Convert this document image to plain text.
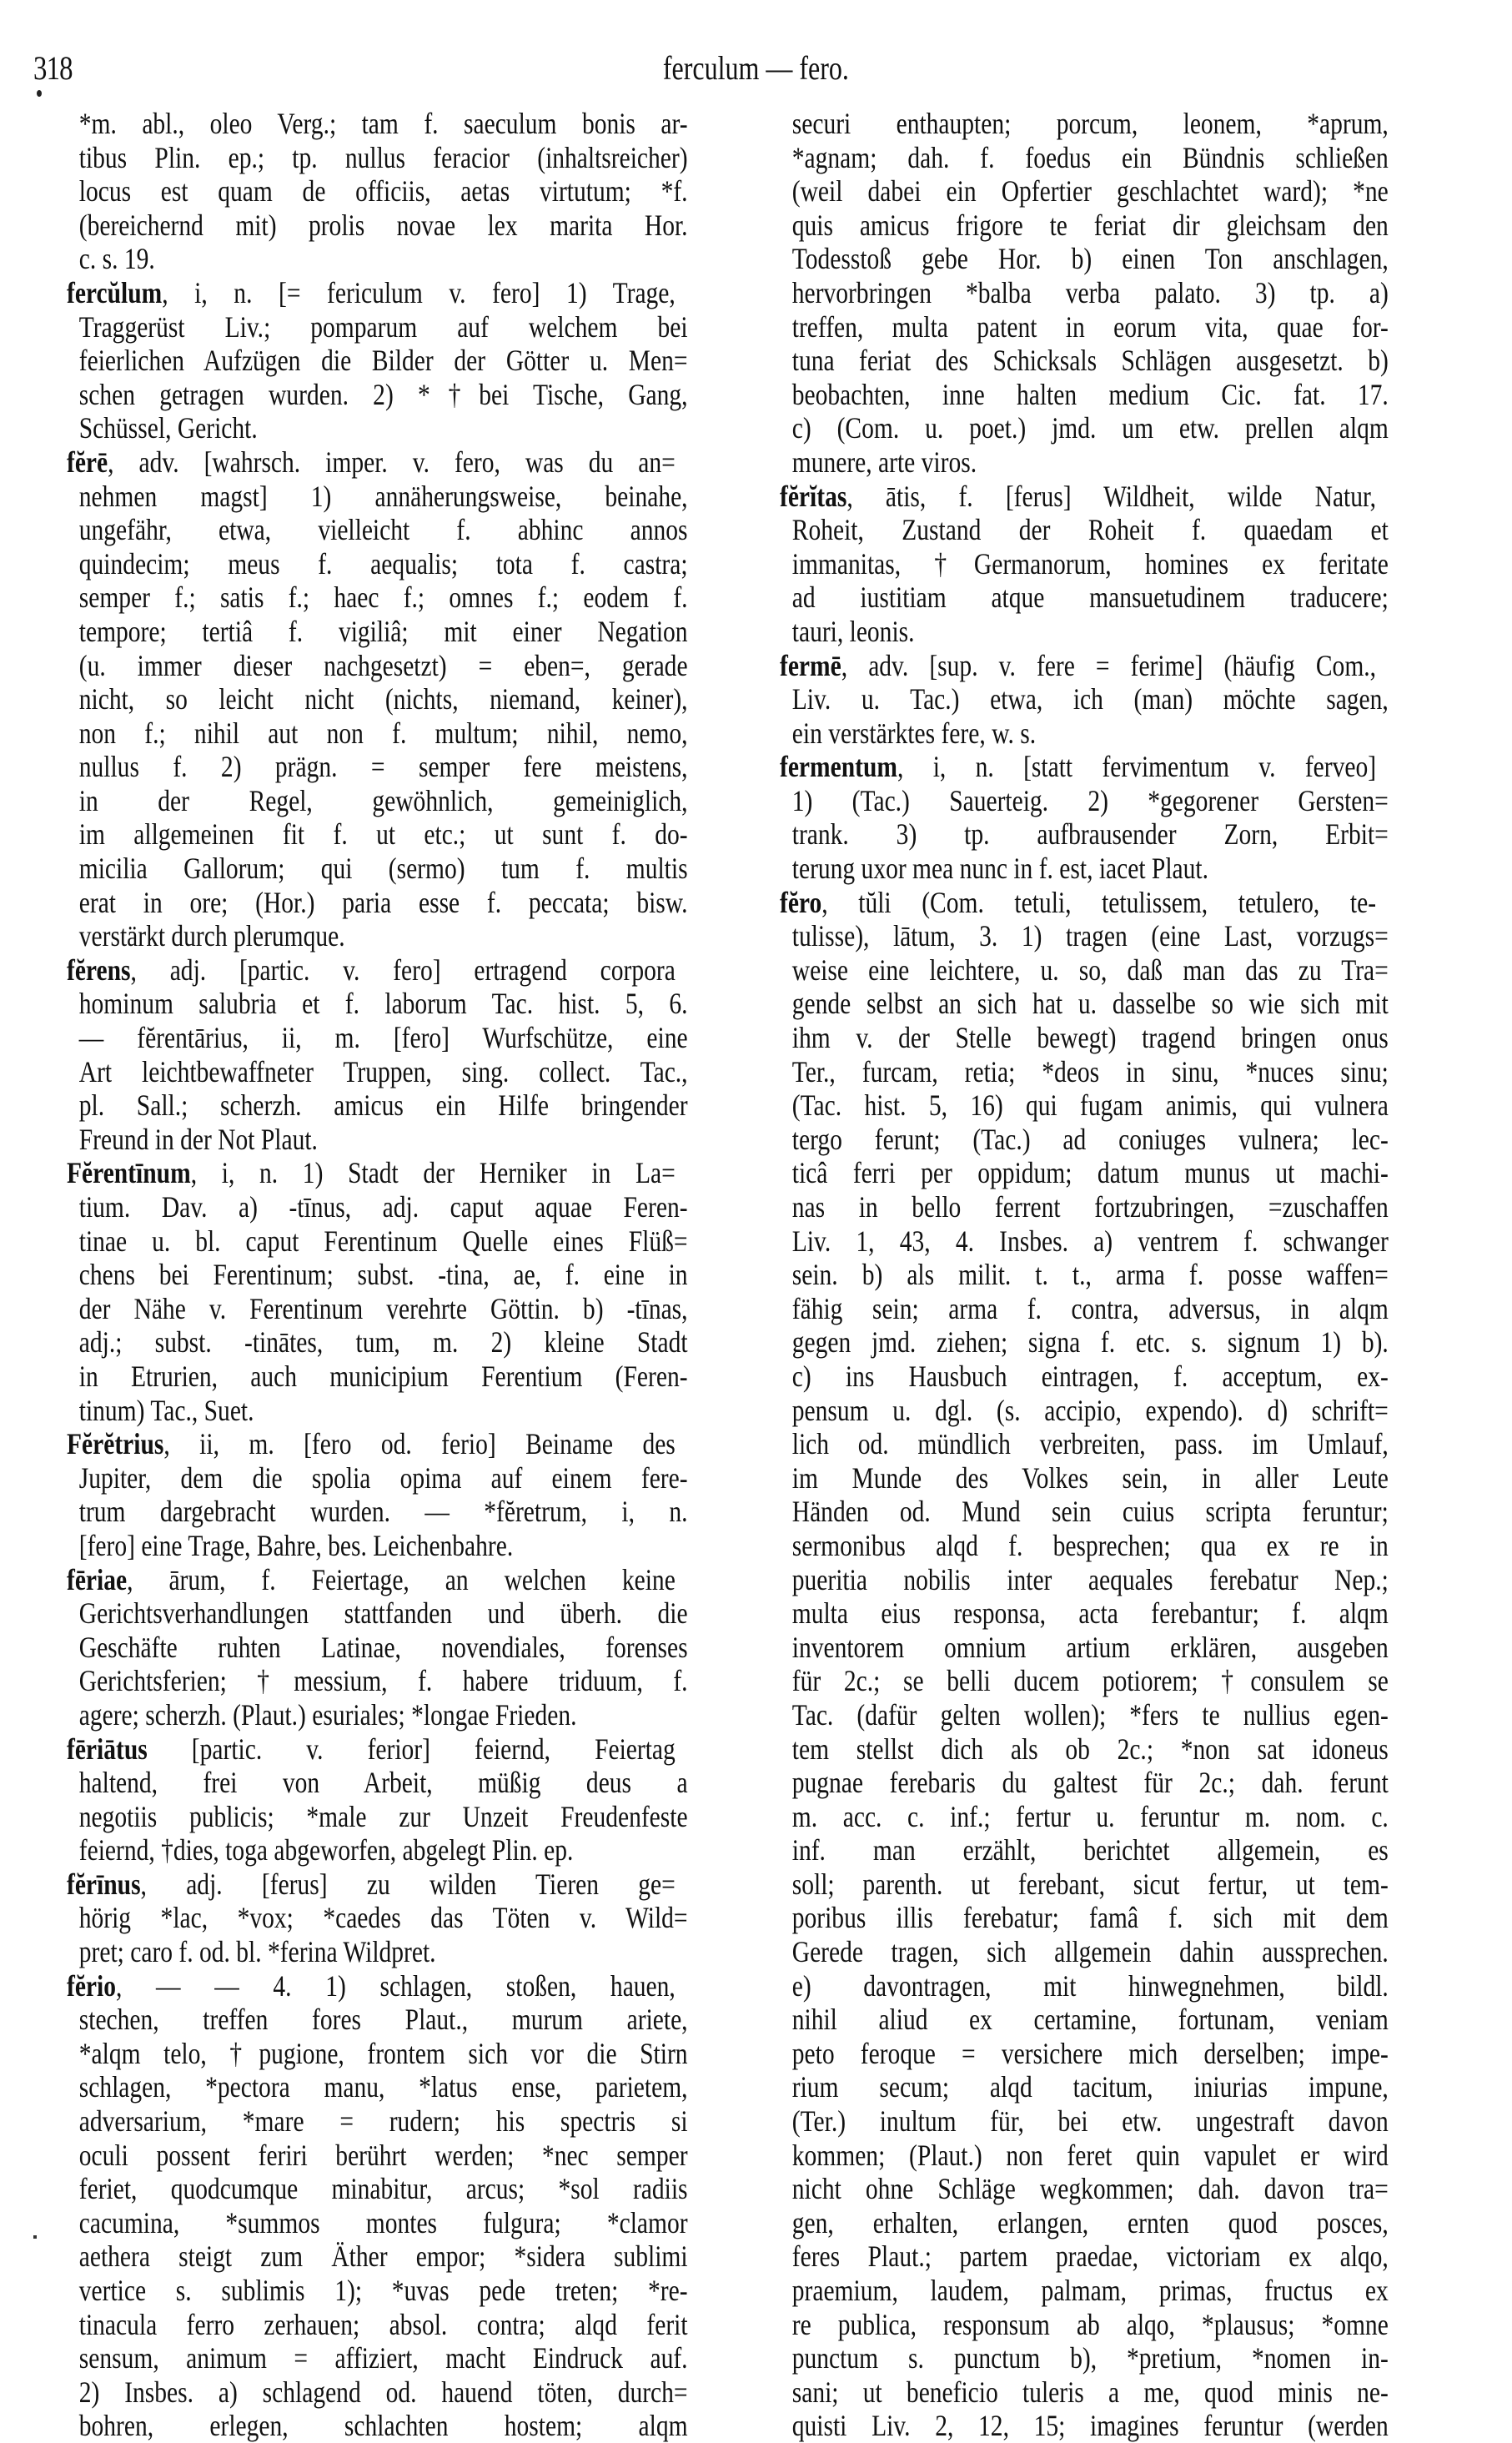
318	ferculum — fero.
*m. abl., oleo Verg.; tam f. saeculum bonis ar-
tibus Plin. ep.; tp. nullus feracior (inhaltsreicher)
locus est quam de officiis, aetas virtutum; *f.
(bereichernd mit) prolis novae lex marita Hor.
c. s. 19.
fercŭlum, i, n. [= fericulum v. fero] 1) Trage,
Traggerüst Liv.; pomparum auf welchem bei
feierlichen Aufzügen die Bilder der Götter u. Men=
schen getragen wurden. 2) *†bei Tische, Gang,
Schüssel, Gericht.
fĕrē, adv. [wahrsch. imper. v. fero, was du an=
nehmen magst] 1) annäherungsweise, beinahe,
ungefähr, etwa, vielleicht f. abhinc annos
quindecim; meus f. aequalis; tota f. castra;
semper f.; satis f.; haec f.; omnes f.; eodem f.
tempore; tertiâ f. vigiliâ; mit einer Negation
(u. immer dieser nachgesetzt) = eben=, gerade
nicht, so leicht nicht (nichts, niemand, keiner),
non f.; nihil aut non f. multum; nihil, nemo,
nullus f. 2) prägn. = semper fere meistens,
in der Regel, gewöhnlich, gemeiniglich,
im allgemeinen fit f. ut etc.; ut sunt f. do-
micilia Gallorum; qui (sermo) tum f. multis
erat in ore; (Hor.) paria esse f. peccata; bisw.
verstärkt durch plerumque.
fĕrens, adj. [partic. v. fero] ertragend corpora
hominum salubria et f. laborum Tac. hist. 5, 6.
— fĕrentārius, ii, m. [fero] Wurfschütze, eine
Art leichtbewaffneter Truppen, sing. collect. Tac.,
pl. Sall.; scherzh. amicus ein Hilfe bringender
Freund in der Not Plaut.
Fĕrentīnum, i, n. 1) Stadt der Herniker in La=
tium. Dav. a) -tīnus, adj. caput aquae Feren-
tinae u. bl. caput Ferentinum Quelle eines Flüß=
chens bei Ferentinum; subst. -tina, ae, f. eine in
der Nähe v. Ferentinum verehrte Göttin. b) -tīnas,
adj.; subst. -tinātes, tum, m. 2) kleine Stadt
in Etrurien, auch municipium Ferentium (Feren-
tinum) Tac., Suet.
Fĕrĕtrius, ii, m. [fero od. ferio] Beiname des
Jupiter, dem die spolia opima auf einem fere-
trum dargebracht wurden. — *fĕretrum, i, n.
[fero] eine Trage, Bahre, bes. Leichenbahre.
fēriae, ārum, f. Feiertage, an welchen keine
Gerichtsverhandlungen stattfanden und überh. die
Geschäfte ruhten Latinae, novendiales, forenses
Gerichtsferien; †messium, f. habere triduum, f.
agere; scherzh. (Plaut.) esuriales; *longae Frieden.
fēriātus [partic. v. ferior] feiernd, Feiertag
haltend, frei von Arbeit, müßig deus a
negotiis publicis; *male zur Unzeit Freudenfeste
feiernd, †dies, toga abgeworfen, abgelegt Plin. ep.
fĕrīnus, adj. [ferus] zu wilden Tieren ge=
hörig *lac, *vox; *caedes das Töten v. Wild=
pret; caro f. od. bl. *ferina Wildpret.
fĕrio, — — 4. 1) schlagen, stoßen, hauen,
stechen, treffen fores Plaut., murum ariete,
*alqm telo, †pugione, frontem sich vor die Stirn
schlagen, *pectora manu, *latus ense, parietem,
adversarium, *mare = rudern; his spectris si
oculi possent feriri berührt werden; *nec semper
feriet, quodcumque minabitur, arcus; *sol radiis
cacumina, *summos montes fulgura; *clamor
aethera steigt zum Äther empor; *sidera sublimi
vertice s. sublimis 1); *uvas pede treten; *re-
tinacula ferro zerhauen; absol. contra; alqd ferit
sensum, animum = affiziert, macht Eindruck auf.
2) Insbes. a) schlagend od. hauend töten, durch=
bohren, erlegen, schlachten hostem; alqm
securi enthaupten; porcum, leonem, *aprum,
*agnam; dah. f. foedus ein Bündnis schließen
(weil dabei ein Opfertier geschlachtet ward); *ne
quis amicus frigore te feriat dir gleichsam den
Todesstoß gebe Hor. b) einen Ton anschlagen,
hervorbringen *balba verba palato. 3) tp. a)
treffen, multa patent in eorum vita, quae for-
tuna feriat des Schicksals Schlägen ausgesetzt. b)
beobachten, inne halten medium Cic. fat. 17.
c) (Com. u. poet.) jmd. um etw. prellen alqm
munere, arte viros.
fĕrĭtas, ātis, f. [ferus] Wildheit, wilde Natur,
Roheit, Zustand der Roheit f. quaedam et
immanitas, †Germanorum, homines ex feritate
ad iustitiam atque mansuetudinem traducere;
tauri, leonis.
fermē, adv. [sup. v. fere = ferime] (häufig Com.,
Liv. u. Tac.) etwa, ich (man) möchte sagen,
ein verstärktes fere, w. s.
fermentum, i, n. [statt fervimentum v. ferveo]
1) (Tac.) Sauerteig. 2) *gegorener Gersten=
trank. 3) tp. aufbrausender Zorn, Erbit=
terung uxor mea nunc in f. est, iacet Plaut.
fĕro, tŭli (Com. tetuli, tetulissem, tetulero, te-
tulisse), lātum, 3. 1) tragen (eine Last, vorzugs=
weise eine leichtere, u. so, daß man das zu Tra=
gende selbst an sich hat u. dasselbe so wie sich mit
ihm v. der Stelle bewegt) tragend bringen onus
Ter., furcam, retia; *deos in sinu, *nuces sinu;
(Tac. hist. 5, 16) qui fugam animis, qui vulnera
tergo ferunt; (Tac.) ad coniuges vulnera; lec-
ticâ ferri per oppidum; datum munus ut machi-
nas in bello ferrent fortzubringen, =zuschaffen
Liv. 1, 43, 4. Insbes. a) ventrem f. schwanger
sein. b) als milit. t. t., arma f. posse waffen=
fähig sein; arma f. contra, adversus, in alqm
gegen jmd. ziehen; signa f. etc. s. signum 1) b).
c) ins Hausbuch eintragen, f. acceptum, ex-
pensum u. dgl. (s. accipio, expendo). d) schrift=
lich od. mündlich verbreiten, pass. im Umlauf,
im Munde des Volkes sein, in aller Leute
Händen od. Mund sein cuius scripta feruntur;
sermonibus alqd f. besprechen; qua ex re in
pueritia nobilis inter aequales ferebatur Nep.;
multa eius responsa, acta ferebantur; f. alqm
inventorem omnium artium erklären, ausgeben
für 2c.; se belli ducem potiorem; †consulem se
Tac. (dafür gelten wollen); *fers te nullius egen-
tem stellst dich als ob 2c.; *non sat idoneus
pugnae ferebaris du galtest für 2c.; dah. ferunt
m. acc. c. inf.; fertur u. feruntur m. nom. c.
inf. man erzählt, berichtet allgemein, es
soll; parenth. ut ferebant, sicut fertur, ut tem-
poribus illis ferebatur; famâ f. sich mit dem
Gerede tragen, sich allgemein dahin aussprechen.
e) davontragen, mit hinwegnehmen, bildl.
nihil aliud ex certamine, fortunam, veniam
peto feroque = versichere mich derselben; impe-
rium secum; alqd tacitum, iniurias impune,
(Ter.) inultum für, bei etw. ungestraft davon
kommen; (Plaut.) non feret quin vapulet er wird
nicht ohne Schläge wegkommen; dah. davon tra=
gen, erhalten, erlangen, ernten quod posces,
feres Plaut.; partem praedae, victoriam ex alqo,
praemium, laudem, palmam, primas, fructus ex
re publica, responsum ab alqo, *plausus; *omne
punctum s. punctum b), *pretium, *nomen in-
sani; ut beneficio tuleris a me, quod minis ne-
quisti Liv. 2, 12, 15; imagines feruntur (werden
